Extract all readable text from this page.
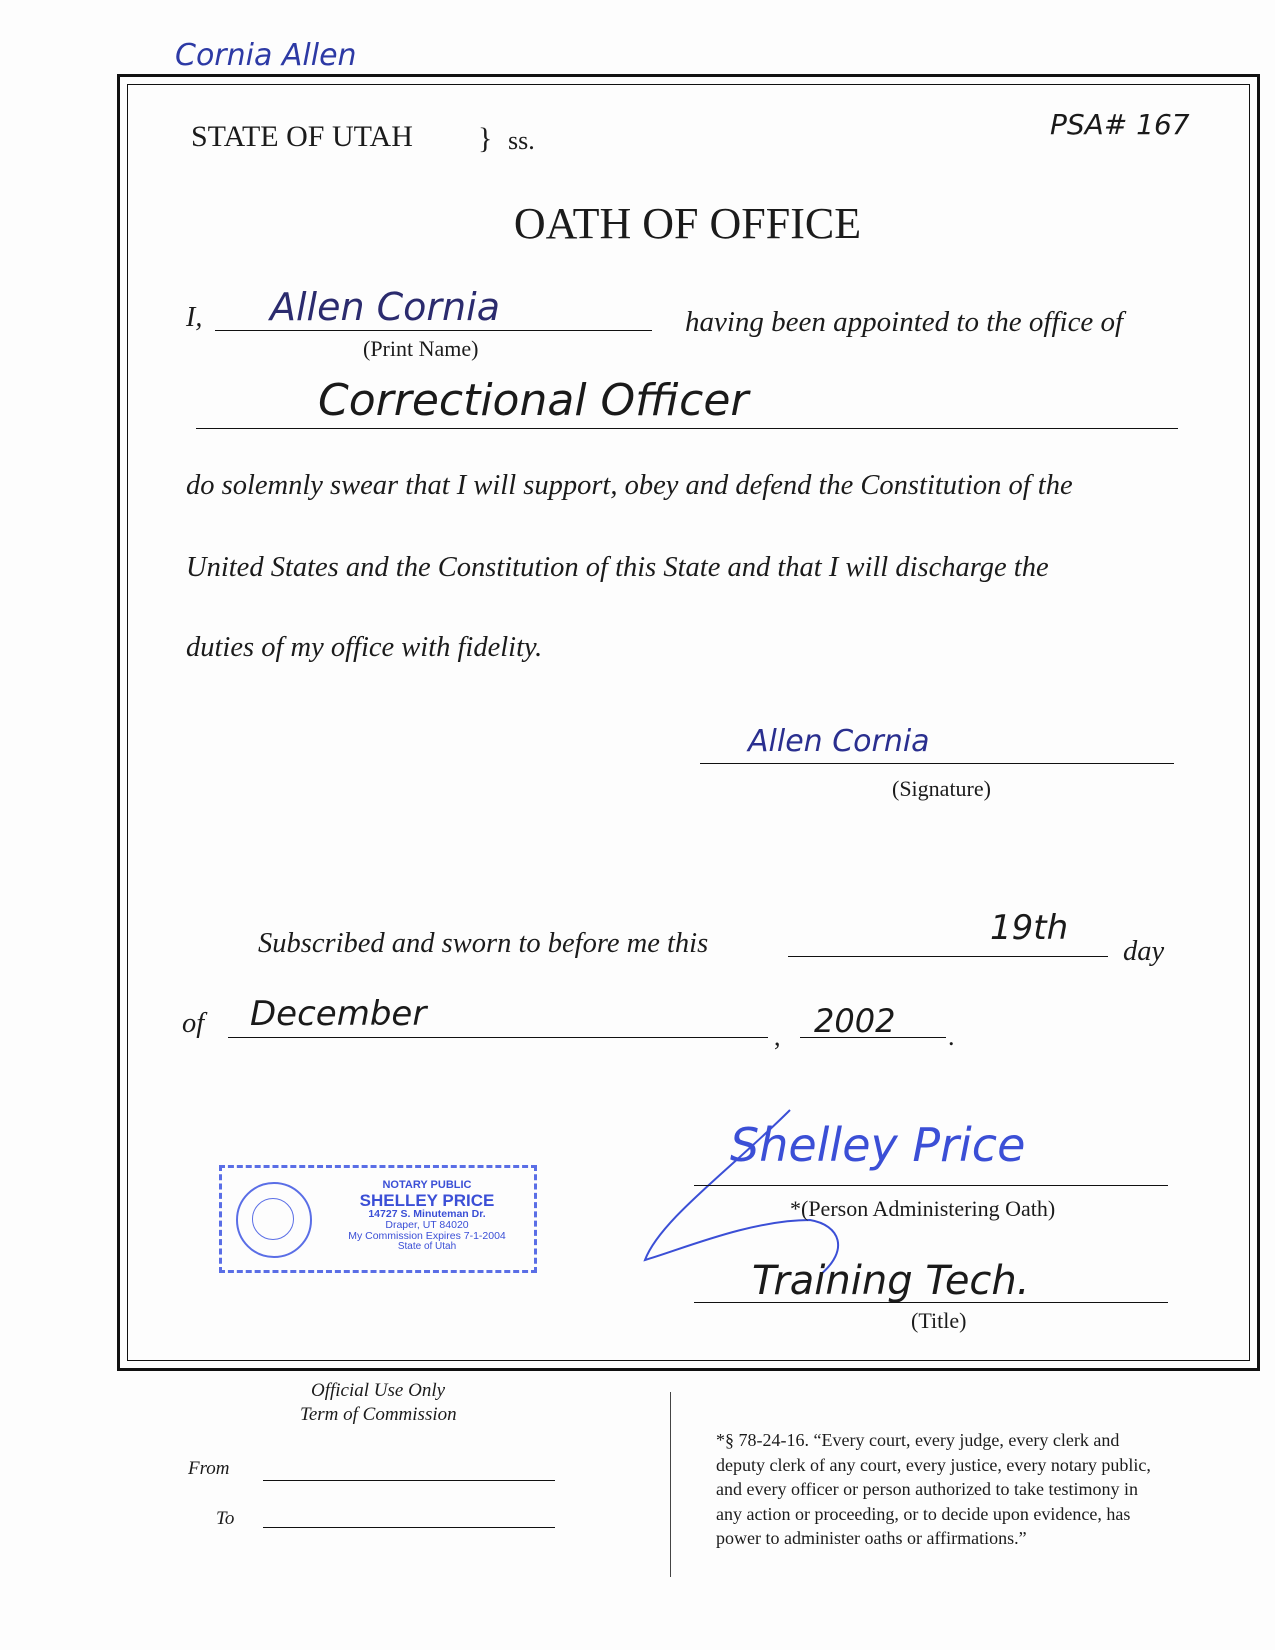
Cornia Allen
PSA# 167
STATE OF UTAH } ss.
OATH OF OFFICE
I, Allen Cornia
(Print Name)
having been appointed to the office of
Correctional Officer
do solemnly swear that I will support, obey and defend the Constitution of the
United States and the Constitution of this State and that I will discharge the
duties of my office with fidelity.
Allen Cornia
(Signature)
Subscribed and sworn to before me this	19th
day
of December
, 2002 .
Shelley Price
*(Person Administering Oath)
Training Tech.
(Title)
NOTARY PUBLIC
SHELLEY PRICE
14727 S. Minuteman Dr.
Draper, UT 84020
My Commission Expires 7-1-2004
State of Utah
Official Use Only
Term of Commission
From
To
*§ 78-24-16. “Every court, every judge, every clerk and
deputy clerk of any court, every justice, every notary public,
and every officer or person authorized to take testimony in
any action or proceeding, or to decide upon evidence, has
power to administer oaths or affirmations.”
